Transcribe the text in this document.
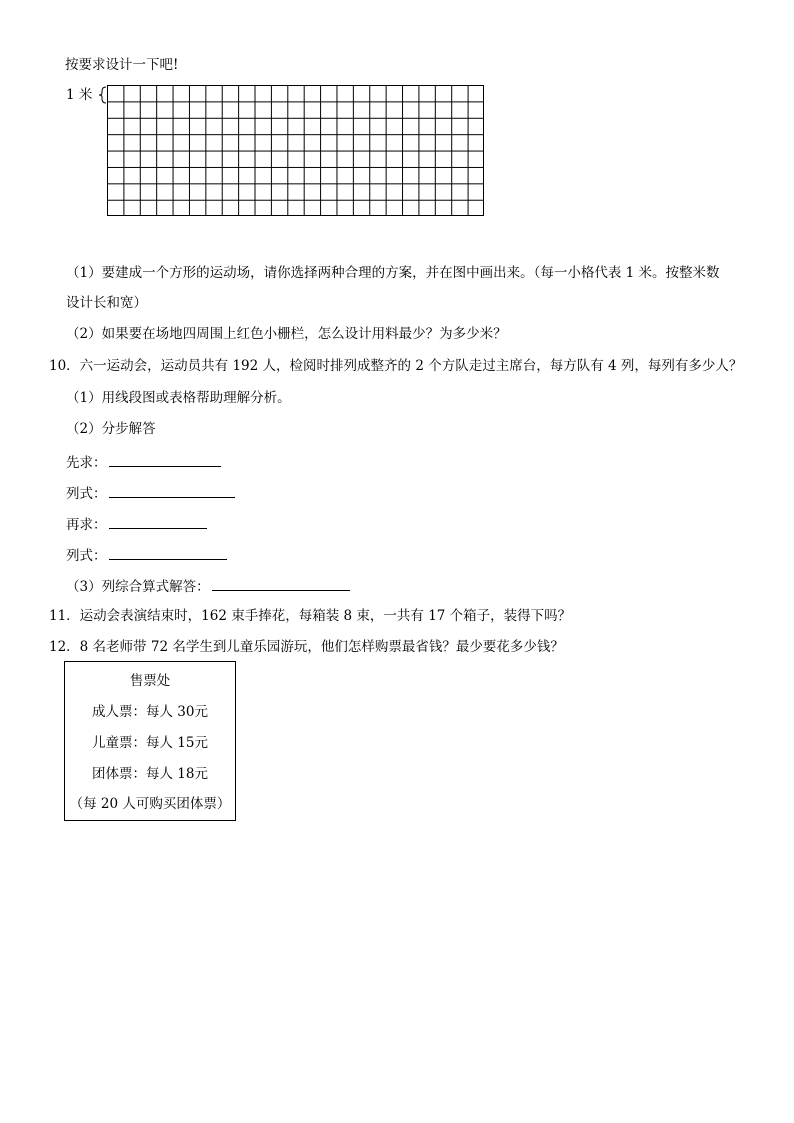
按要求设计一下吧!
1 米
（1）要建成一个方形的运动场，请你选择两种合理的方案，并在图中画出来。（每一小格代表 1 米。按整米数
设计长和宽）
（2）如果要在场地四周围上红色小栅栏，怎么设计用料最少？为多少米？
10．六一运动会，运动员共有 192 人，检阅时排列成整齐的 2 个方队走过主席台，每方队有 4 列，每列有多少人？
（1）用线段图或表格帮助理解分析。
（2）分步解答
先求：
列式：
再求：
列式：
（3）列综合算式解答：
11．运动会表演结束时，162 束手捧花，每箱装 8 束，一共有 17 个箱子，装得下吗？
12．8 名老师带 72 名学生到儿童乐园游玩，他们怎样购票最省钱？最少要花多少钱？
售票处
成人票：每人 30元
儿童票：每人 15元
团体票：每人 18元
（每 20 人可购买团体票）
